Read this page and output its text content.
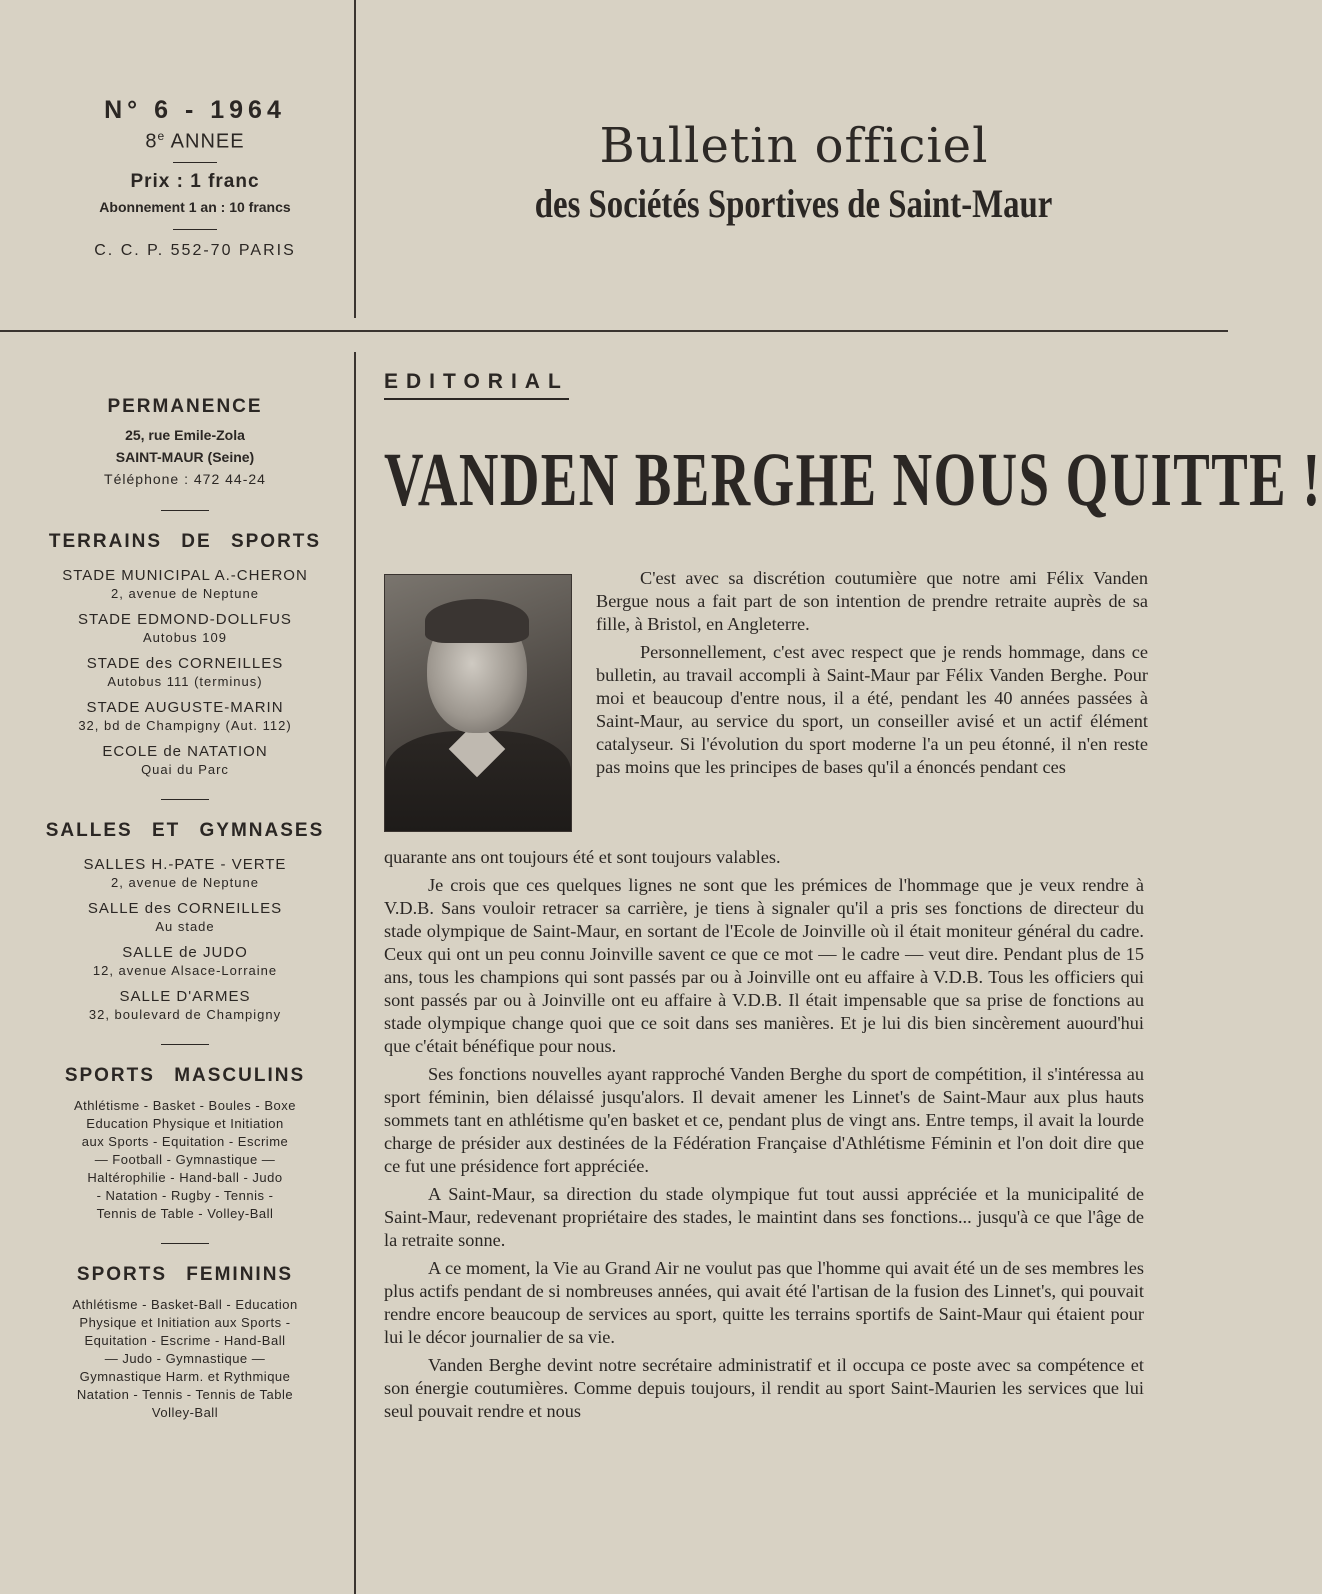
N° 6 - 1964
8e ANNEE
Prix : 1 franc
Abonnement 1 an : 10 francs
C. C. P. 552-70 PARIS
Bulletin officiel
des Sociétés Sportives de Saint-Maur
PERMANENCE
25, rue Emile-Zola
SAINT-MAUR (Seine)
Téléphone : 472 44-24
TERRAINS DE SPORTS
STADE MUNICIPAL A.-CHERON
2, avenue de Neptune
STADE EDMOND-DOLLFUS
Autobus 109
STADE des CORNEILLES
Autobus 111 (terminus)
STADE AUGUSTE-MARIN
32, bd de Champigny (Aut. 112)
ECOLE de NATATION
Quai du Parc
SALLES ET GYMNASES
SALLES H.-PATE - VERTE
2, avenue de Neptune
SALLE des CORNEILLES
Au stade
SALLE de JUDO
12, avenue Alsace-Lorraine
SALLE D'ARMES
32, boulevard de Champigny
SPORTS MASCULINS
Athlétisme - Basket - Boules - Boxe
Education Physique et Initiation
aux Sports - Equitation - Escrime
— Football - Gymnastique —
Haltérophilie - Hand-ball - Judo
- Natation - Rugby - Tennis -
Tennis de Table - Volley-Ball
SPORTS FEMININS
Athlétisme - Basket-Ball - Education
Physique et Initiation aux Sports -
Equitation - Escrime - Hand-Ball
— Judo - Gymnastique —
Gymnastique Harm. et Rythmique
Natation - Tennis - Tennis de Table
Volley-Ball
EDITORIAL
VANDEN BERGHE NOUS QUITTE !

C'est avec sa discrétion coutumière que notre ami Félix Vanden Bergue nous a fait part de son intention de prendre retraite auprès de sa fille, à Bristol, en Angleterre.

Personnellement, c'est avec respect que je rends hommage, dans ce bulletin, au travail accompli à Saint-Maur par Félix Vanden Berghe. Pour moi et beaucoup d'entre nous, il a été, pendant les 40 années passées à Saint-Maur, au service du sport, un conseiller avisé et un actif élément catalyseur. Si l'évolution du sport moderne l'a un peu étonné, il n'en reste pas moins que les principes de bases qu'il a énoncés pendant ces

quarante ans ont toujours été et sont toujours valables.

Je crois que ces quelques lignes ne sont que les prémices de l'hommage que je veux rendre à V.D.B. Sans vouloir retracer sa carrière, je tiens à signaler qu'il a pris ses fonctions de directeur du stade olympique de Saint-Maur, en sortant de l'Ecole de Joinville où il était moniteur général du cadre. Ceux qui ont un peu connu Joinville savent ce que ce mot — le cadre — veut dire. Pendant plus de 15 ans, tous les champions qui sont passés par ou à Joinville ont eu affaire à V.D.B. Tous les officiers qui sont passés par ou à Joinville ont eu affaire à V.D.B. Il était impensable que sa prise de fonctions au stade olympique change quoi que ce soit dans ses manières. Et je lui dis bien sincèrement auourd'hui que c'était bénéfique pour nous.

Ses fonctions nouvelles ayant rapproché Vanden Berghe du sport de compétition, il s'intéressa au sport féminin, bien délaissé jusqu'alors. Il devait amener les Linnet's de Saint-Maur aux plus hauts sommets tant en athlétisme qu'en basket et ce, pendant plus de vingt ans. Entre temps, il avait la lourde charge de présider aux destinées de la Fédération Française d'Athlétisme Féminin et l'on doit dire que ce fut une présidence fort appréciée.

A Saint-Maur, sa direction du stade olympique fut tout aussi appréciée et la municipalité de Saint-Maur, redevenant propriétaire des stades, le maintint dans ses fonctions... jusqu'à ce que l'âge de la retraite sonne.

A ce moment, la Vie au Grand Air ne voulut pas que l'homme qui avait été un de ses membres les plus actifs pendant de si nombreuses années, qui avait été l'artisan de la fusion des Linnet's, qui pouvait rendre encore beaucoup de services au sport, quitte les terrains sportifs de Saint-Maur qui étaient pour lui le décor journalier de sa vie.

Vanden Berghe devint notre secrétaire administratif et il occupa ce poste avec sa compétence et son énergie coutumières. Comme depuis toujours, il rendit au sport Saint-Maurien les services que lui seul pouvait rendre et nous
